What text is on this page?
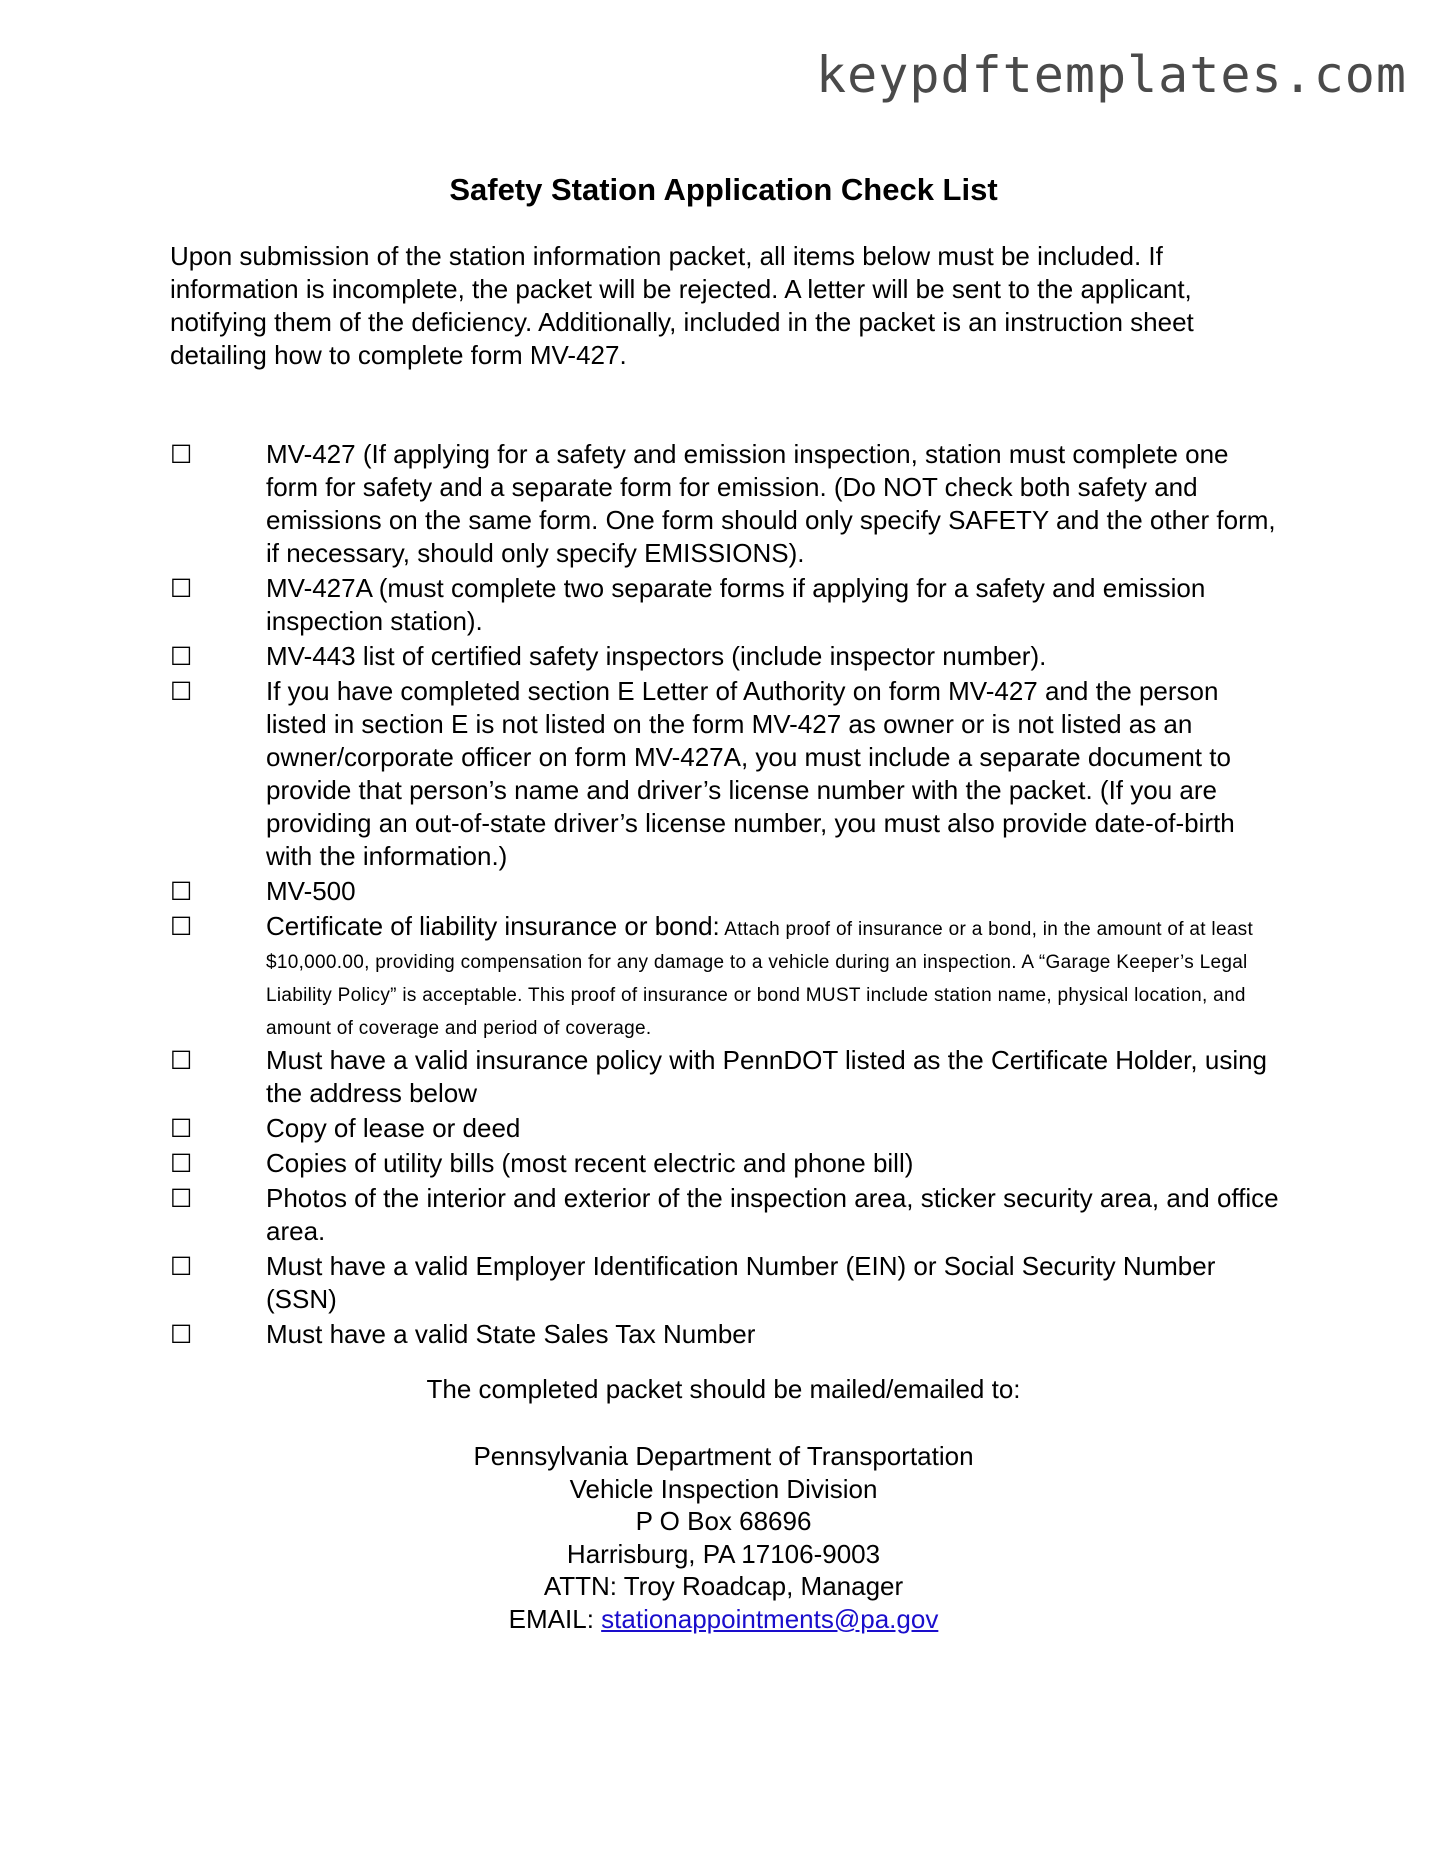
keypdftemplates.com
Safety Station Application Check List
Upon submission of the station information packet, all items below must be included. If information is incomplete, the packet will be rejected. A letter will be sent to the applicant, notifying them of the deficiency. Additionally, included in the packet is an instruction sheet detailing how to complete form MV-427.
☐	MV-427 (If applying for a safety and emission inspection, station must complete one form for safety and a separate form for emission. (Do NOT check both safety and emissions on the same form. One form should only specify SAFETY and the other form, if necessary, should only specify EMISSIONS).
☐	MV-427A (must complete two separate forms if applying for a safety and emission inspection station).
☐	MV-443 list of certified safety inspectors (include inspector number).
☐	If you have completed section E Letter of Authority on form MV-427 and the person listed in section E is not listed on the form MV-427 as owner or is not listed as an owner/corporate officer on form MV-427A, you must include a separate document to provide that person’s name and driver’s license number with the packet. (If you are providing an out-of-state driver’s license number, you must also provide date-of-birth with the information.)
☐	MV-500
☐	Certificate of liability insurance or bond: Attach proof of insurance or a bond, in the amount of at least $10,000.00, providing compensation for any damage to a vehicle during an inspection. A “Garage Keeper’s Legal Liability Policy” is acceptable. This proof of insurance or bond MUST include station name, physical location, and amount of coverage and period of coverage.
☐	Must have a valid insurance policy with PennDOT listed as the Certificate Holder, using the address below
☐	Copy of lease or deed
☐	Copies of utility bills (most recent electric and phone bill)
☐	Photos of the interior and exterior of the inspection area, sticker security area, and office area.
☐	Must have a valid Employer Identification Number (EIN) or Social Security Number (SSN)
☐	Must have a valid State Sales Tax Number
The completed packet should be mailed/emailed to:
Pennsylvania Department of Transportation
Vehicle Inspection Division
P O Box 68696
Harrisburg, PA 17106-9003
ATTN: Troy Roadcap, Manager
EMAIL: stationappointments@pa.gov
